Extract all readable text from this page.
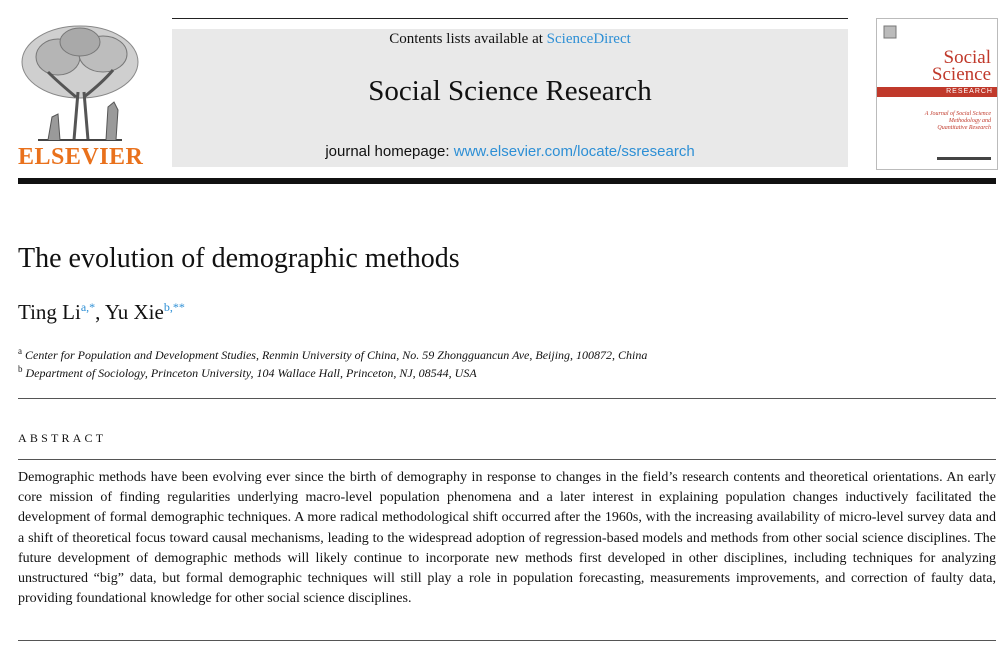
ELSEVIER
Contents lists available at ScienceDirect
Social Science Research
journal homepage: www.elsevier.com/locate/ssresearch
Social
Science
RESEARCH
A Journal of Social Science Methodology and Quantitative Research
The evolution of demographic methods
Ting $Li^{a,*}$, Yu Xie$^{b,**}$
$^a$ Center for Population and Development Studies, Renmin University of China, No. 59 Zhongguancun Ave, Beijing, 100872, China
$^b$ Department of Sociology, Princeton University, 104 Wallace Hall, Princeton, NJ, 08544, USA
ABSTRACT
Demographic methods have been evolving ever since the birth of demography in response to changes in the field’s research contents and theoretical orientations. An early core mission of finding regularities underlying macro-level population phenomena and a later interest in explaining population changes inductively facilitated the development of formal demographic techniques. A more radical methodological shift occurred after the 1960s, with the increasing availability of micro-level survey data and a shift of theoretical focus toward causal mechanisms, leading to the widespread adoption of regression-based models and methods from other social science disciplines. The future development of demographic methods will likely continue to incorporate new methods first developed in other disciplines, including techniques for analyzing unstructured “big” data, but formal demographic techniques will still play a role in population forecasting, measurements improvements, and correction of faulty data, providing foundational knowledge for other social science disciplines.
